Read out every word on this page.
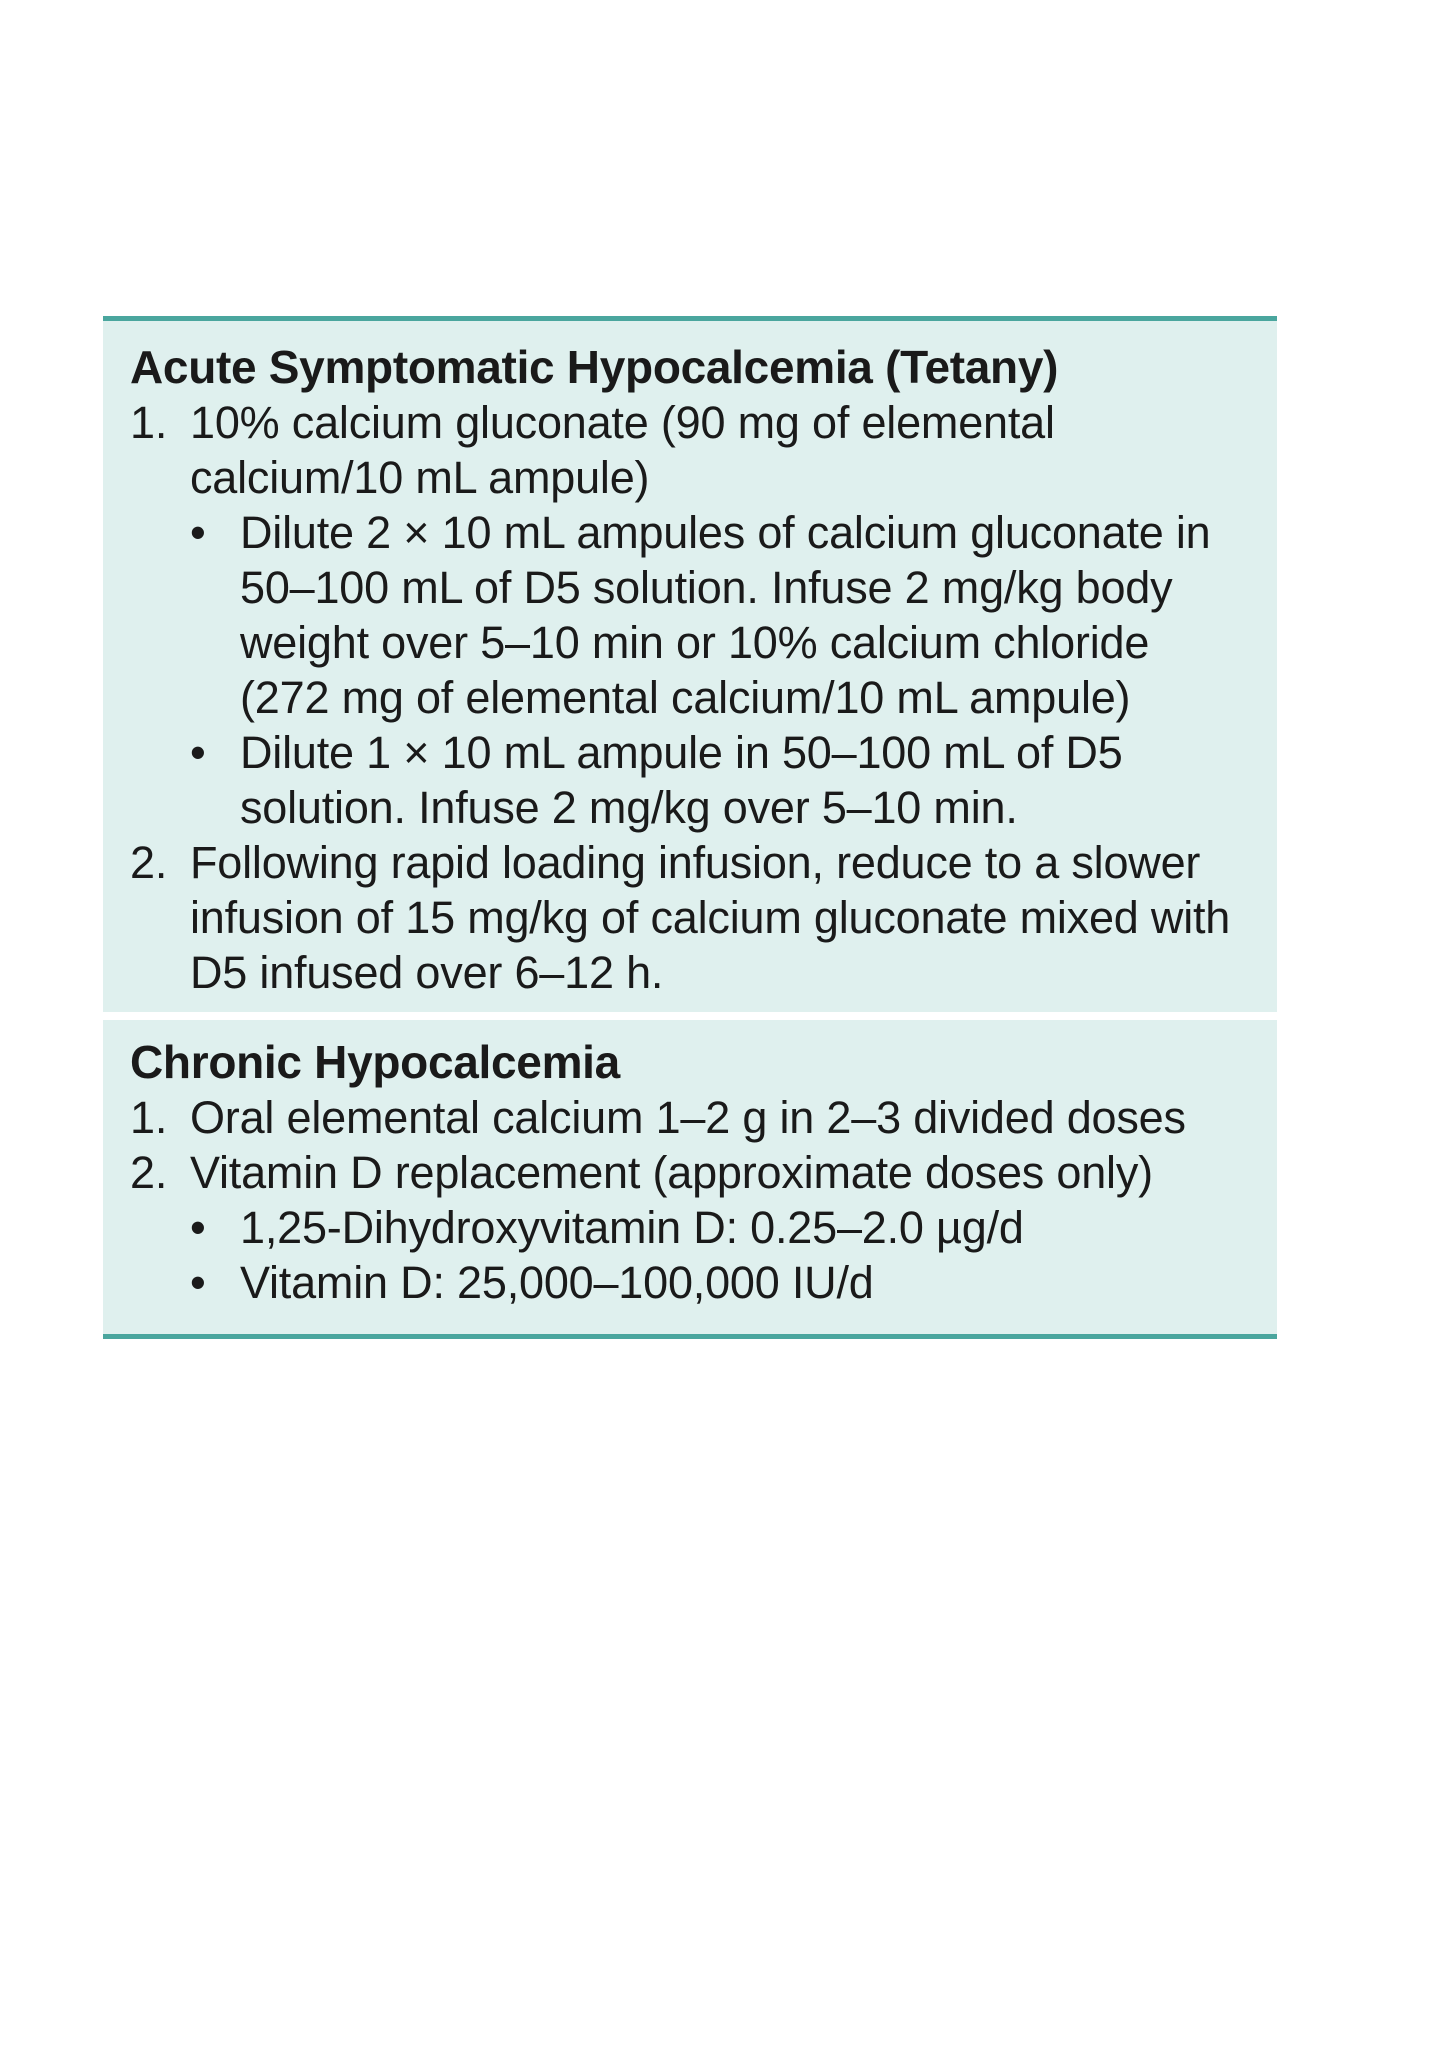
Acute Symptomatic Hypocalcemia (Tetany)
1. 10% calcium gluconate (90 mg of elemental calcium/10 mL ampule)
• Dilute 2 × 10 mL ampules of calcium gluconate in 50–100 mL of D5 solution. Infuse 2 mg/kg body weight over 5–10 min or 10% calcium chloride (272 mg of elemental calcium/10 mL ampule)
• Dilute 1 × 10 mL ampule in 50–100 mL of D5 solution. Infuse 2 mg/kg over 5–10 min.
2. Following rapid loading infusion, reduce to a slower infusion of 15 mg/kg of calcium gluconate mixed with D5 infused over 6–12 h.
Chronic Hypocalcemia
1. Oral elemental calcium 1–2 g in 2–3 divided doses
2. Vitamin D replacement (approximate doses only)
• 1,25-Dihydroxyvitamin D: 0.25–2.0 µg/d
• Vitamin D: 25,000–100,000 IU/d
